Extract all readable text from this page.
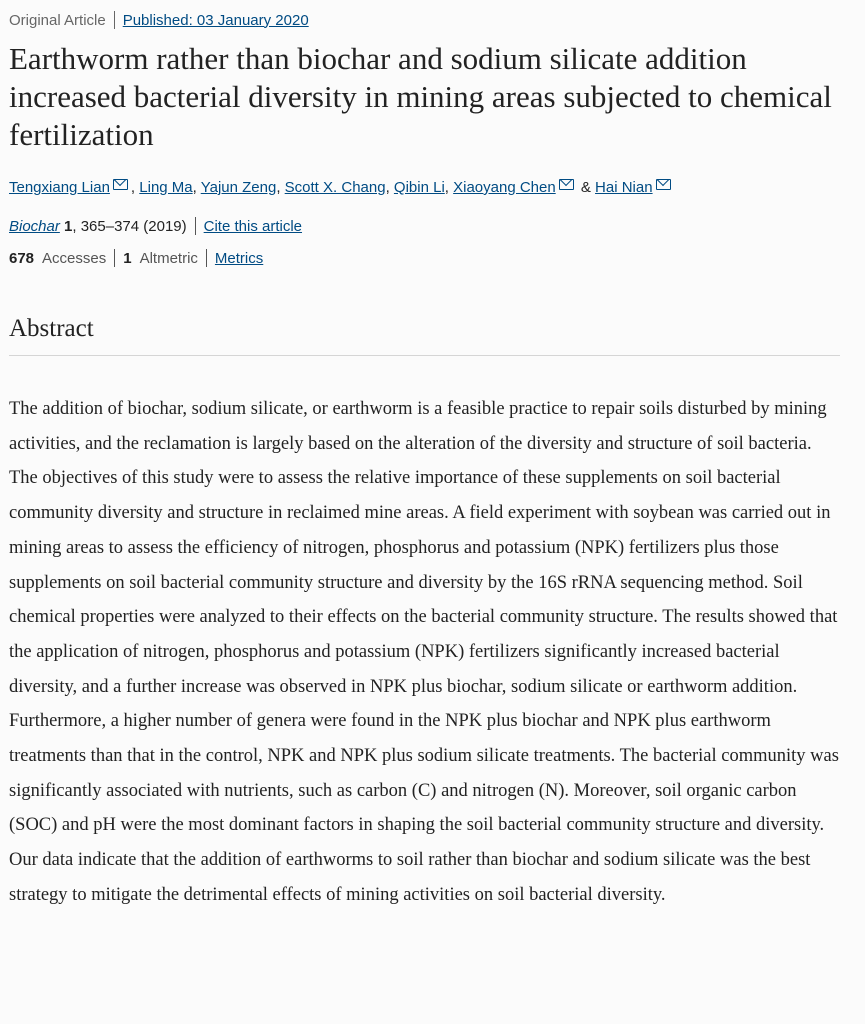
Original Article Published: 03 January 2020
Earthworm rather than biochar and sodium silicate addition increased bacterial diversity in mining areas subjected to chemical fertilization
Tengxiang Lian , Ling Ma, Yajun Zeng, Scott X. Chang, Qibin Li, Xiaoyang Chen & Hai Nian
Biochar
1 , 365–374 (2019) Cite this article
678 Accesses 1 Altmetric Metrics
Abstract

The addition of biochar, sodium silicate, or earthworm is a feasible practice to repair soils disturbed by mining activities, and the reclamation is largely based on the alteration of the diversity and structure of soil bacteria. The objectives of this study were to assess the relative importance of these supplements on soil bacterial community diversity and structure in reclaimed mine areas. A field experiment with soybean was carried out in mining areas to assess the efficiency of nitrogen, phosphorus and potassium (NPK) fertilizers plus those supplements on soil bacterial community structure and diversity by the 16S rRNA sequencing method. Soil chemical properties were analyzed to their effects on the bacterial community structure. The results showed that the application of nitrogen, phosphorus and potassium (NPK) fertilizers significantly increased bacterial diversity, and a further increase was observed in NPK plus biochar, sodium silicate or earthworm addition. Furthermore, a higher number of genera were found in the NPK plus biochar and NPK plus earthworm treatments than that in the control, NPK and NPK plus sodium silicate treatments. The bacterial community was significantly associated with nutrients, such as carbon (C) and nitrogen (N). Moreover, soil organic carbon (SOC) and pH were the most dominant factors in shaping the soil bacterial community structure and diversity. Our data indicate that the addition of earthworms to soil rather than biochar and sodium silicate was the best strategy to mitigate the detrimental effects of mining activities on soil bacterial diversity.
